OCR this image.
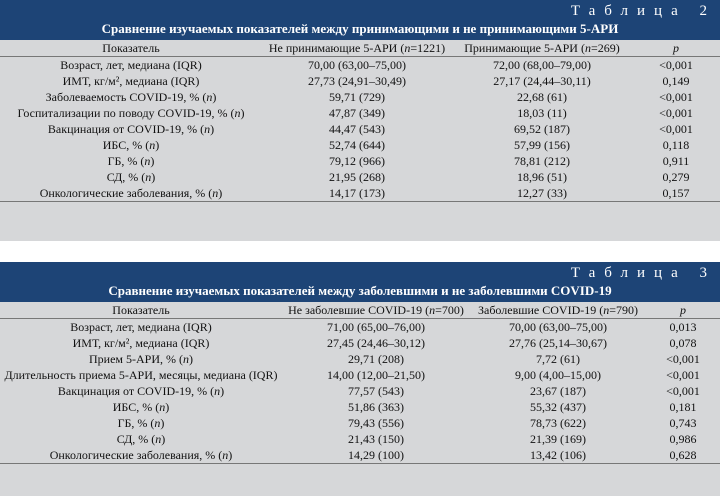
Таблица 2
Сравнение изучаемых показателей между принимающими и не принимающими 5-АРИ
Показатель	Не принимающие 5-АРИ (n=1221)	Принимающие 5-АРИ (n=269)	p
Возраст, лет, медиана (IQR)	70,00 (63,00–75,00)	72,00 (68,00–79,00)	<0,001
ИМТ, кг/м², медиана (IQR)	27,73 (24,91–30,49)	27,17 (24,44–30,11)	0,149
Заболеваемость COVID-19, % (n)	59,71 (729)	22,68 (61)	<0,001
Госпитализации по поводу COVID-19, % (n)	47,87 (349)	18,03 (11)	<0,001
Вакцинация от COVID-19, % (n)	44,47 (543)	69,52 (187)	<0,001
ИБС, % (n)	52,74 (644)	57,99 (156)	0,118
ГБ, % (n)	79,12 (966)	78,81 (212)	0,911
СД, % (n)	21,95 (268)	18,96 (51)	0,279
Онкологические заболевания, % (n)	14,17 (173)	12,27 (33)	0,157
Таблица 3
Сравнение изучаемых показателей между заболевшими и не заболевшими COVID-19
Показатель	Не заболевшие COVID-19 (n=700)	Заболевшие COVID-19 (n=790)	p
Возраст, лет, медиана (IQR)	71,00 (65,00–76,00)	70,00 (63,00–75,00)	0,013
ИМТ, кг/м², медиана (IQR)	27,45 (24,46–30,12)	27,76 (25,14–30,67)	0,078
Прием 5-АРИ, % (n)	29,71 (208)	7,72 (61)	<0,001
Длительность приема 5-АРИ, месяцы, медиана (IQR)	14,00 (12,00–21,50)	9,00 (4,00–15,00)	<0,001
Вакцинация от COVID-19, % (n)	77,57 (543)	23,67 (187)	<0,001
ИБС, % (n)	51,86 (363)	55,32 (437)	0,181
ГБ, % (n)	79,43 (556)	78,73 (622)	0,743
СД, % (n)	21,43 (150)	21,39 (169)	0,986
Онкологические заболевания, % (n)	14,29 (100)	13,42 (106)	0,628
